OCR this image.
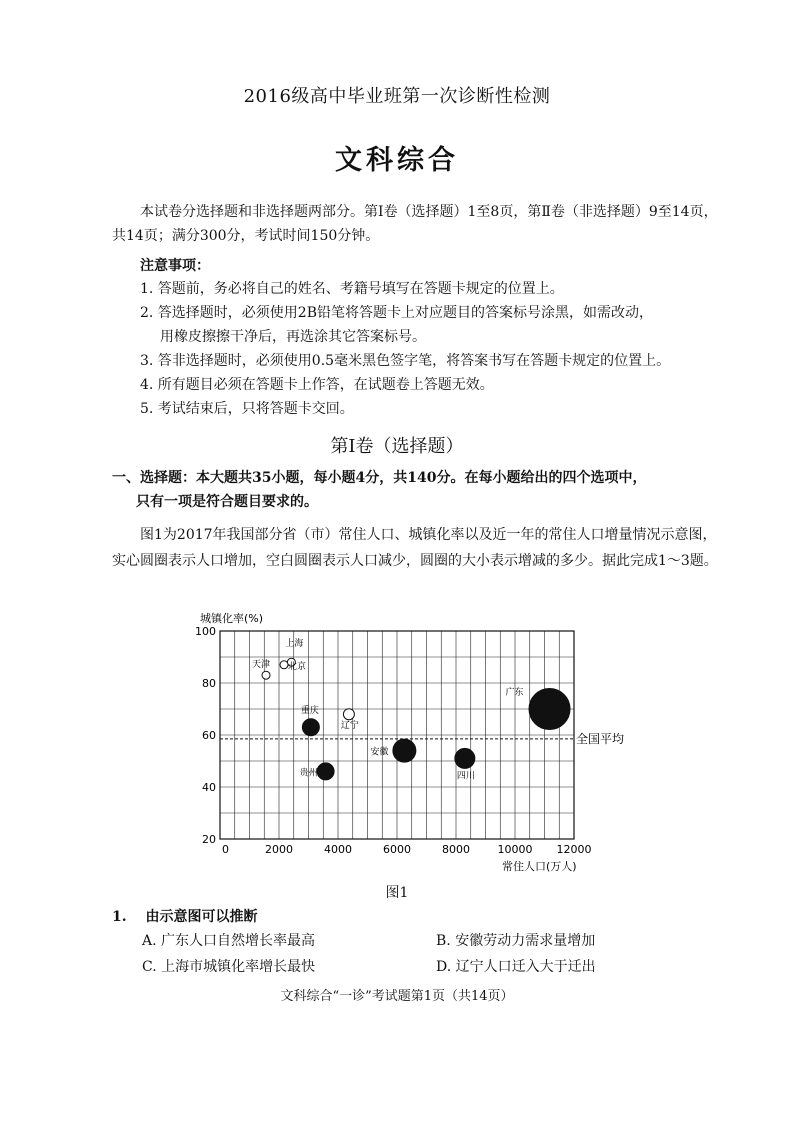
2016级高中毕业班第一次诊断性检测
文科综合
本试卷分选择题和非选择题两部分。第Ⅰ卷（选择题）1至8页，第Ⅱ卷（非选择题）9至14页，共14页；满分300分，考试时间150分钟。
注意事项：
1. 答题前，务必将自己的姓名、考籍号填写在答题卡规定的位置上。
2. 答选择题时，必须使用2B铅笔将答题卡上对应题目的答案标号涂黑，如需改动，
用橡皮擦擦干净后，再选涂其它答案标号。
3. 答非选择题时，必须使用0.5毫米黑色签字笔，将答案书写在答题卡规定的位置上。
4. 所有题目必须在答题卡上作答，在试题卷上答题无效。
5. 考试结束后，只将答题卡交回。
第Ⅰ卷（选择题）
一、选择题：本大题共35小题，每小题4分，共140分。在每小题给出的四个选项中，
只有一项是符合题目要求的。
图1为2017年我国部分省（市）常住人口、城镇化率以及近一年的常住人口增量情况示意图，实心圆圈表示人口增加，空白圆圈表示人口减少，圆圈的大小表示增减的多少。据此完成1～3题。
城镇化率(%)
常住人口(万人)
全国平均
0	2000	4000	6000	8000	10000 12000
20
40
60
80
100
天津
上海
北京
辽宁
重庆
贵州
安徽
四川
广东
图1
1. 由示意图可以推断
A. 广东人口自然增长率最高	B. 安徽劳动力需求量增加
C. 上海市城镇化率增长最快	D. 辽宁人口迁入大于迁出
文科综合“一诊”考试题第1页（共14页）
